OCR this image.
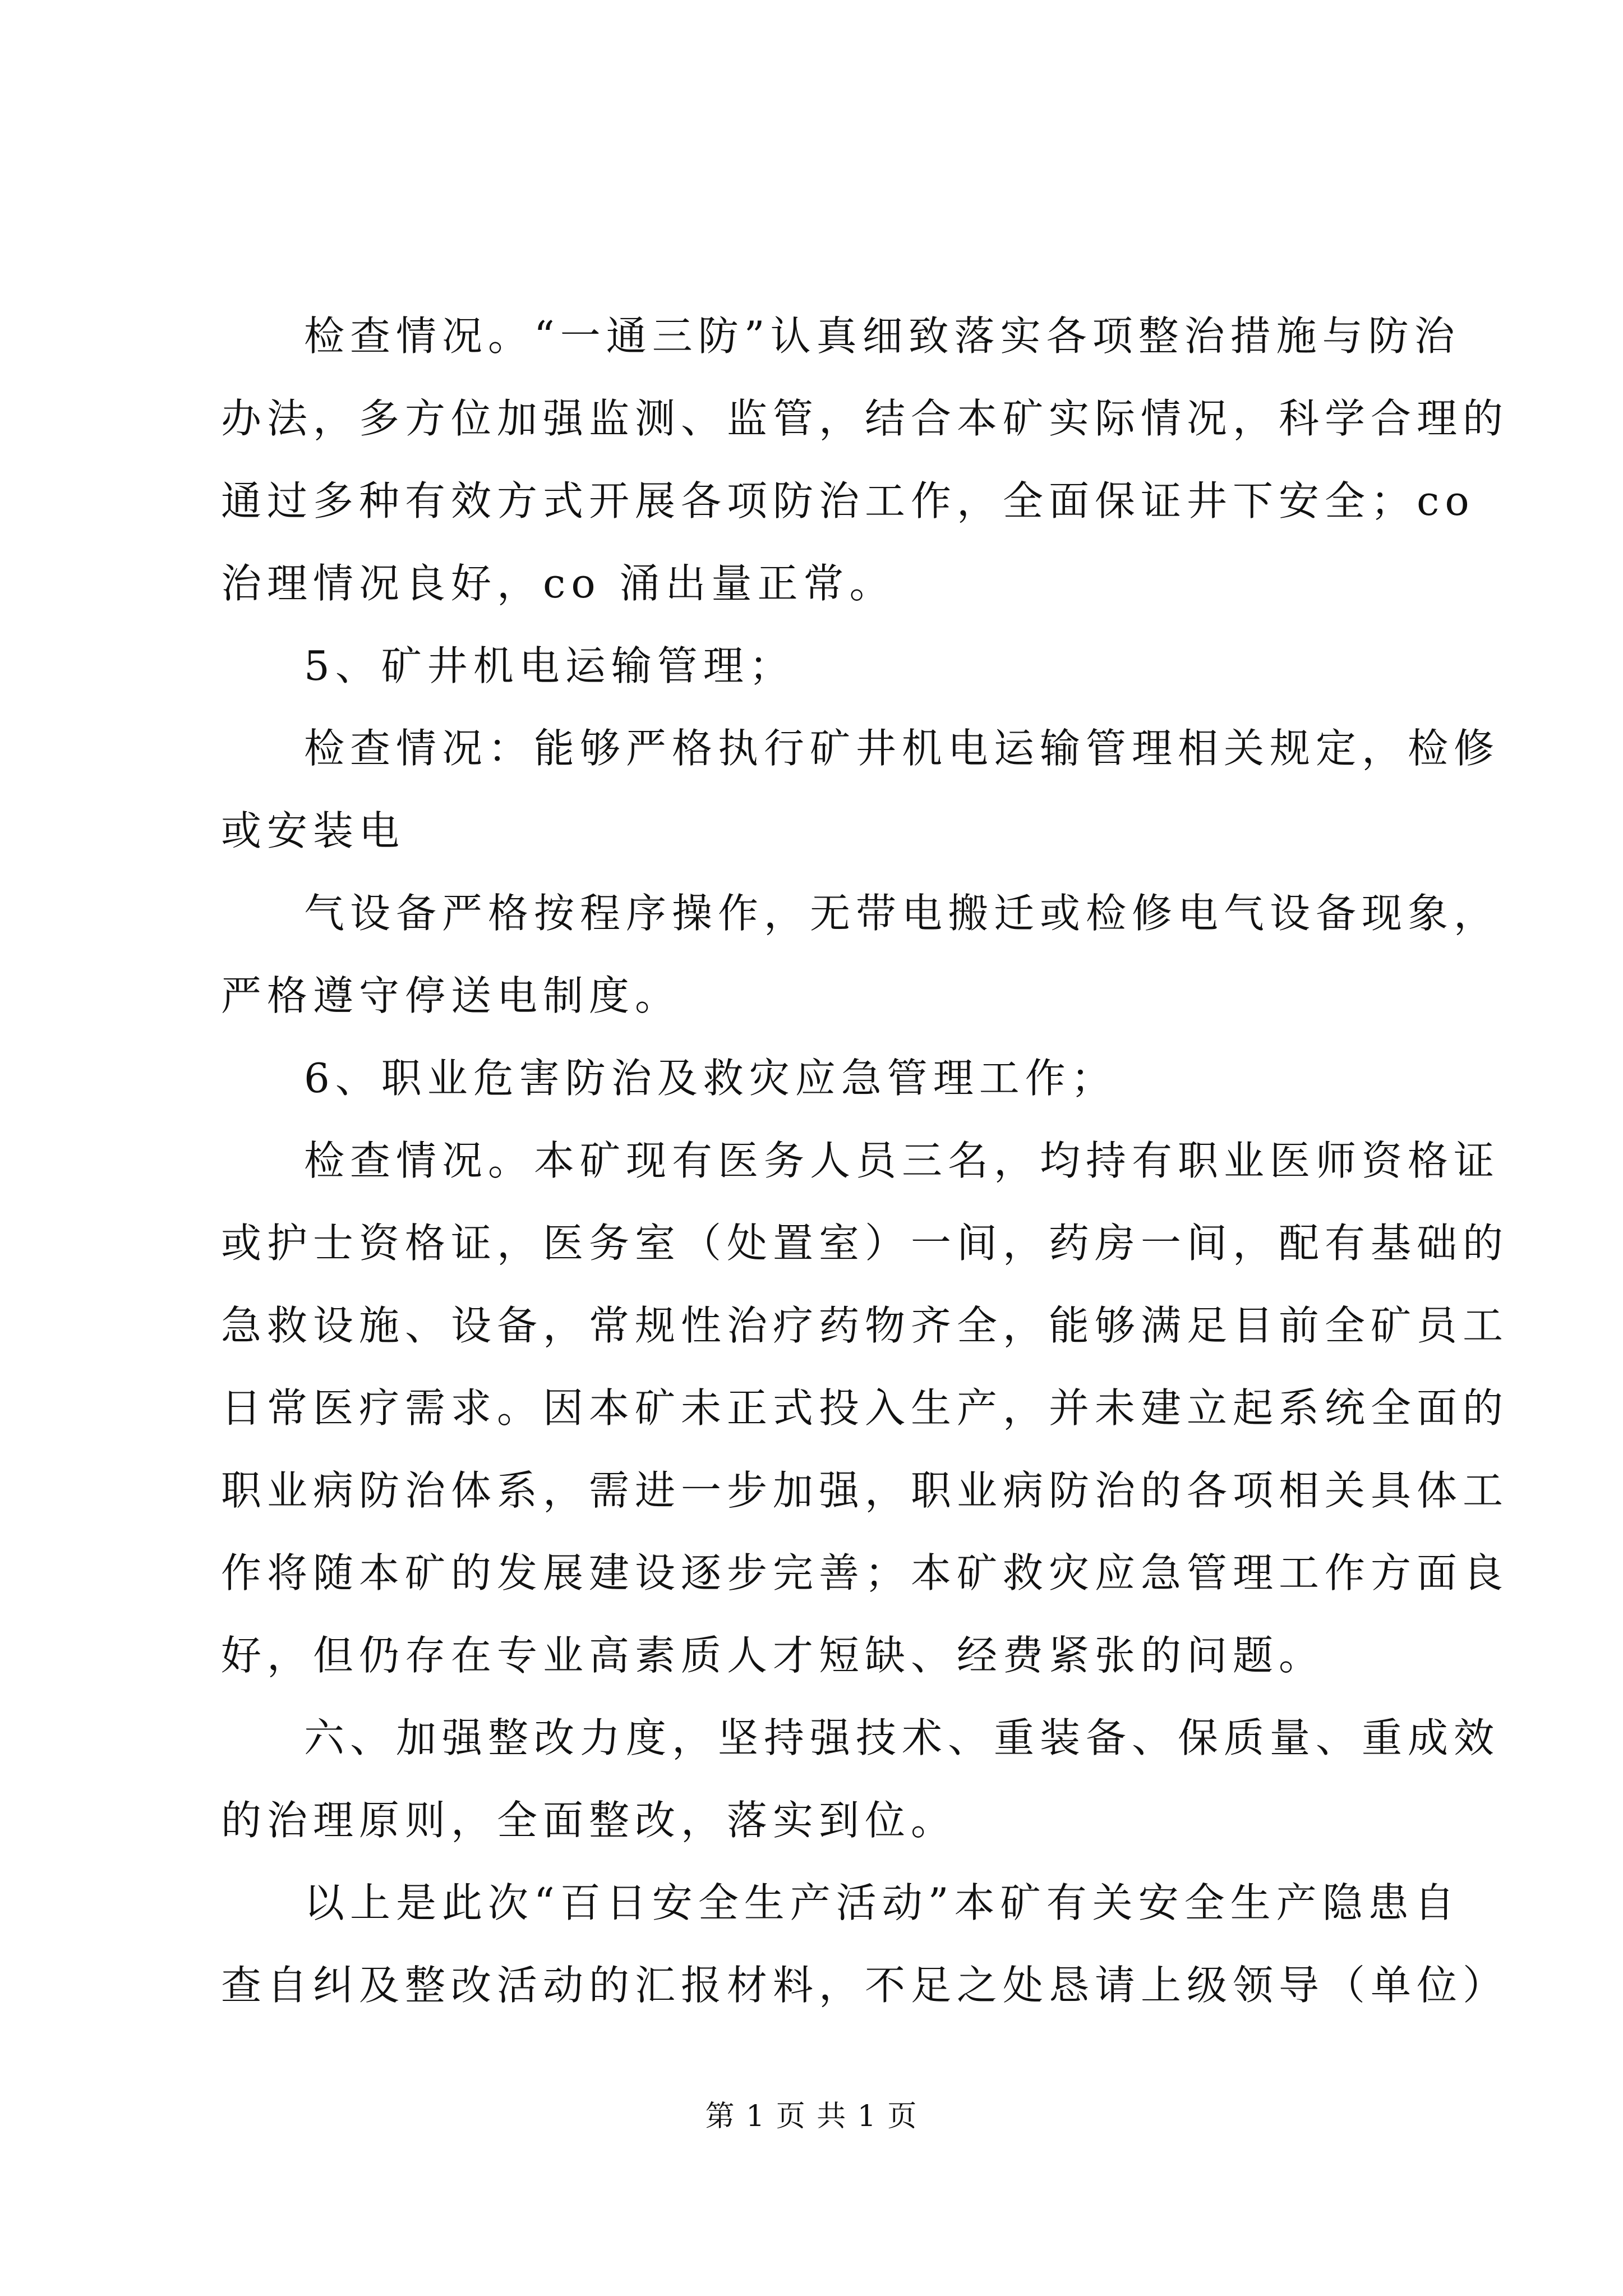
检查情况。“一通三防”认真细致落实各项整治措施与防治
办法，多方位加强监测、监管，结合本矿实际情况，科学合理的
通过多种有效方式开展各项防治工作，全面保证井下安全；co
治理情况良好，co 涌出量正常。
5、矿井机电运输管理；
检查情况：能够严格执行矿井机电运输管理相关规定，检修
或安装电
气设备严格按程序操作，无带电搬迁或检修电气设备现象，
严格遵守停送电制度。
6、职业危害防治及救灾应急管理工作；
检查情况。本矿现有医务人员三名，均持有职业医师资格证
或护士资格证，医务室（处置室）一间，药房一间，配有基础的
急救设施、设备，常规性治疗药物齐全，能够满足目前全矿员工
日常医疗需求。因本矿未正式投入生产，并未建立起系统全面的
职业病防治体系，需进一步加强，职业病防治的各项相关具体工
作将随本矿的发展建设逐步完善；本矿救灾应急管理工作方面良
好，但仍存在专业高素质人才短缺、经费紧张的问题。
六、加强整改力度，坚持强技术、重装备、保质量、重成效
的治理原则，全面整改，落实到位。
以上是此次“百日安全生产活动”本矿有关安全生产隐患自
查自纠及整改活动的汇报材料，不足之处恳请上级领导（单位）
第 1 页 共 1 页
